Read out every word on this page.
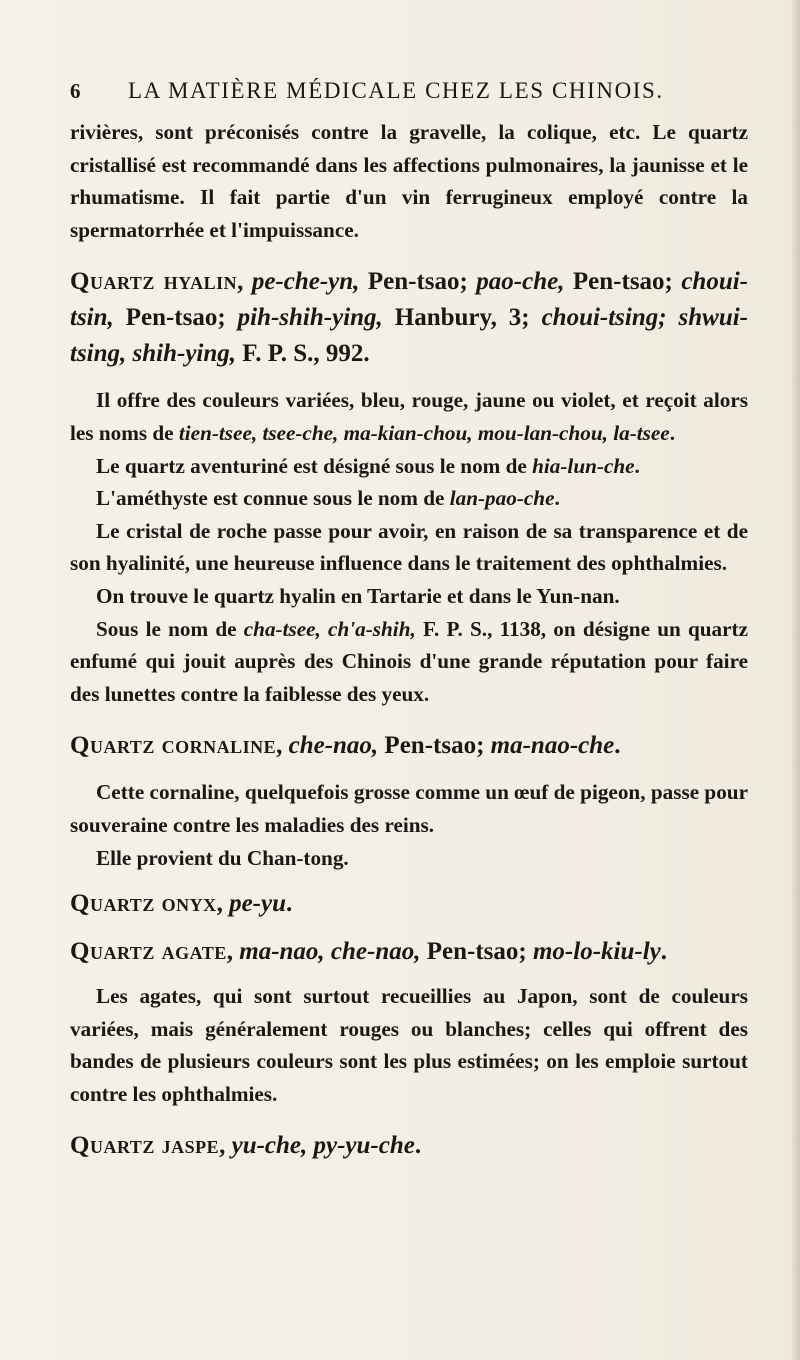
6	LA MATIÈRE MÉDICALE CHEZ LES CHINOIS.

rivières, sont préconisés contre la gravelle, la colique, etc. Le quartz cristallisé est recommandé dans les affections pulmonaires, la jaunisse et le rhumatisme. Il fait partie d'un vin ferrugineux employé contre la spermatorrhée et l'impuissance.

Quartz hyalin, pe-che-yn, Pen-tsao; pao-che, Pen-tsao; choui-tsin, Pen-tsao; pih-shih-ying, Hanbury, 3; choui-tsing; shwui-tsing, shih-ying, F. P. S., 992.

Il offre des couleurs variées, bleu, rouge, jaune ou violet, et reçoit alors les noms de tien-tsee, tsee-che, ma-kian-chou, mou-lan-chou, la-tsee.

Le quartz aventuriné est désigné sous le nom de hia-lun-che.

L'améthyste est connue sous le nom de lan-pao-che.

Le cristal de roche passe pour avoir, en raison de sa transparence et de son hyalinité, une heureuse influence dans le traitement des ophthalmies.

On trouve le quartz hyalin en Tartarie et dans le Yun-nan.

Sous le nom de cha-tsee, ch'a-shih, F. P. S., 1138, on désigne un quartz enfumé qui jouit auprès des Chinois d'une grande réputation pour faire des lunettes contre la faiblesse des yeux.

Quartz cornaline, che-nao, Pen-tsao; ma-nao-che.

Cette cornaline, quelquefois grosse comme un œuf de pigeon, passe pour souveraine contre les maladies des reins.

Elle provient du Chan-tong.

Quartz onyx, pe-yu.

Quartz agate, ma-nao, che-nao, Pen-tsao; mo-lo-kiu-ly.

Les agates, qui sont surtout recueillies au Japon, sont de couleurs variées, mais généralement rouges ou blanches; celles qui offrent des bandes de plusieurs couleurs sont les plus estimées; on les emploie surtout contre les ophthalmies.

Quartz jaspe, yu-che, py-yu-che.
